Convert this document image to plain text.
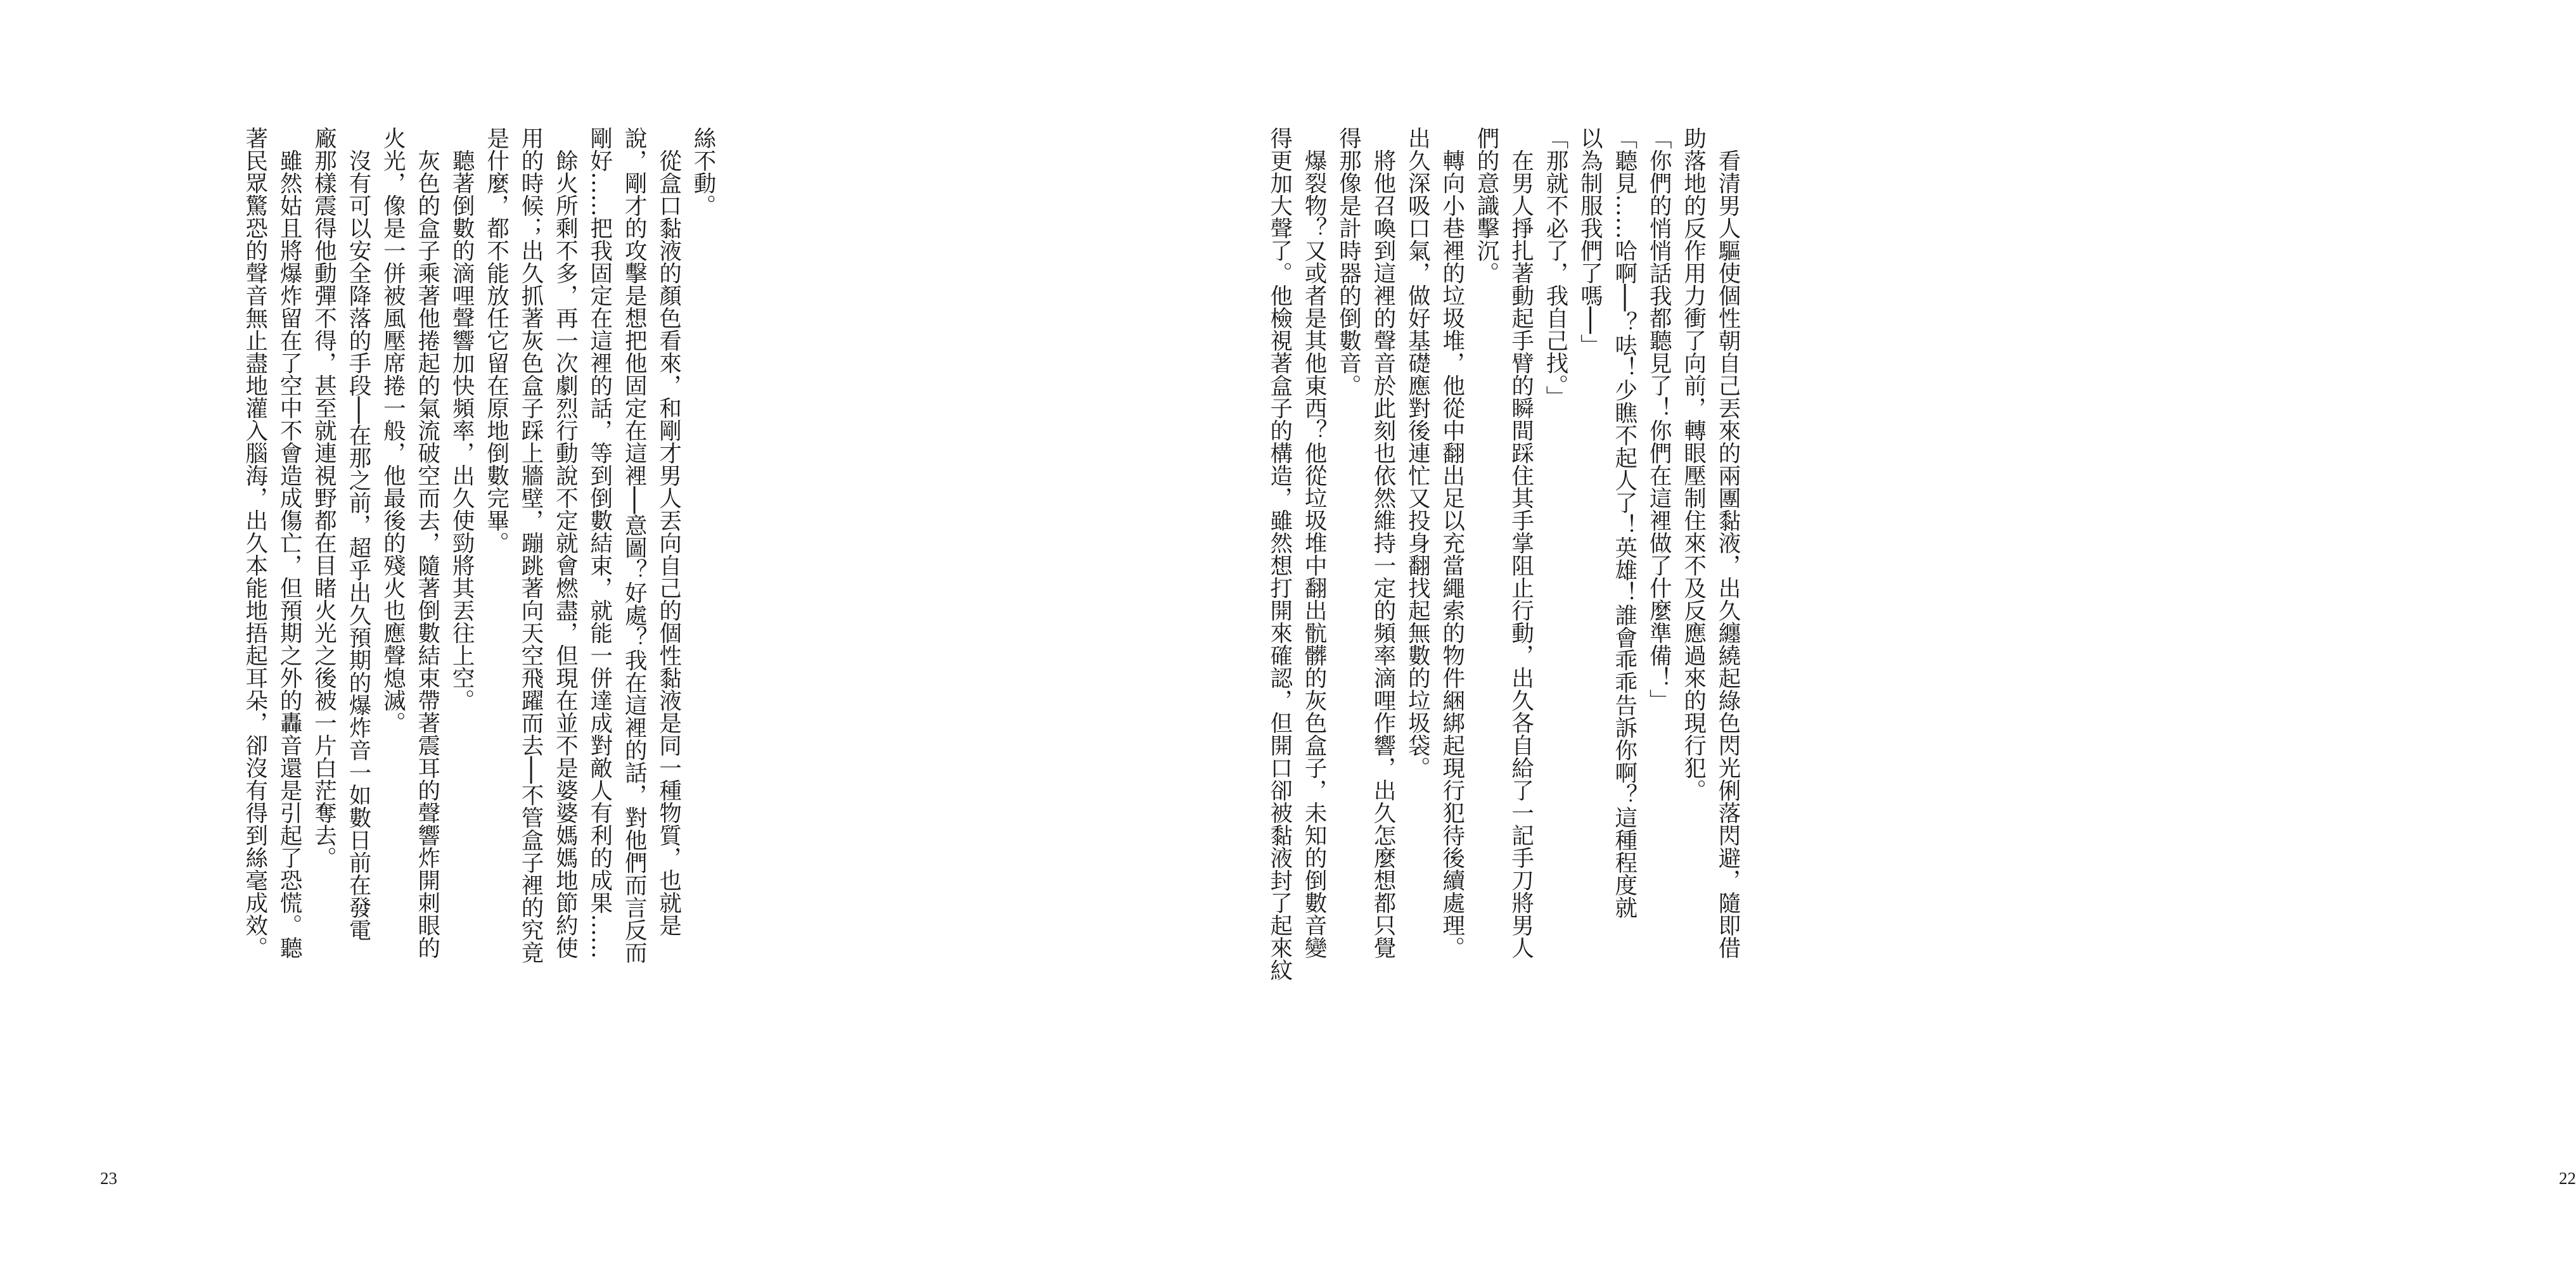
絲不動。
　從盒口黏液的顏色看來，和剛才男人丟向自己的個性黏液是同一種物質，也就是
說，剛才的攻擊是想把他固定在這裡──意圖？好處？我在這裡的話，對他們而言反而
剛好……把我固定在這裡的話，等到倒數結束，就能一併達成對敵人有利的成果……
　餘火所剩不多，再一次劇烈行動說不定就會燃盡，但現在並不是婆婆媽媽地節約使
用的時候；出久抓著灰色盒子踩上牆壁，蹦跳著向天空飛躍而去──不管盒子裡的究竟
是什麼，都不能放任它留在原地倒數完畢。
　聽著倒數的滴哩聲響加快頻率，出久使勁將其丟往上空。
　灰色的盒子乘著他捲起的氣流破空而去，隨著倒數結束帶著震耳的聲響炸開刺眼的
火光，像是一併被風壓席捲一般，他最後的殘火也應聲熄滅。
　沒有可以安全降落的手段──在那之前，超乎出久預期的爆炸音一如數日前在發電
廠那樣震得他動彈不得，甚至就連視野都在目睹火光之後被一片白茫奪去。
　雖然姑且將爆炸留在了空中不會造成傷亡，但預期之外的轟音還是引起了恐慌。聽
著民眾驚恐的聲音無止盡地灌入腦海，出久本能地捂起耳朵，卻沒有得到絲毫成效。
23
　看清男人驅使個性朝自己丟來的兩團黏液，出久纏繞起綠色閃光俐落閃避，隨即借
助落地的反作用力衝了向前，轉眼壓制住來不及反應過來的現行犯。
「你們的悄悄話我都聽見了！你們在這裡做了什麼準備！」
「聽見……哈啊──？呿！少瞧不起人了！英雄！誰會乖乖告訴你啊？這種程度就
以為制服我們了嗎──」
「那就不必了，我自己找。」
　在男人掙扎著動起手臂的瞬間踩住其手掌阻止行動，出久各自給了一記手刀將男人
們的意識擊沉。
　轉向小巷裡的垃圾堆，他從中翻出足以充當繩索的物件綑綁起現行犯待後續處理。
出久深吸口氣，做好基礎應對後連忙又投身翻找起無數的垃圾袋。
　將他召喚到這裡的聲音於此刻也依然維持一定的頻率滴哩作響，出久怎麼想都只覺
得那像是計時器的倒數音。
　爆裂物？又或者是其他東西？他從垃圾堆中翻出骯髒的灰色盒子，未知的倒數音變
得更加大聲了。他檢視著盒子的構造，雖然想打開來確認，但開口卻被黏液封了起來紋
22
